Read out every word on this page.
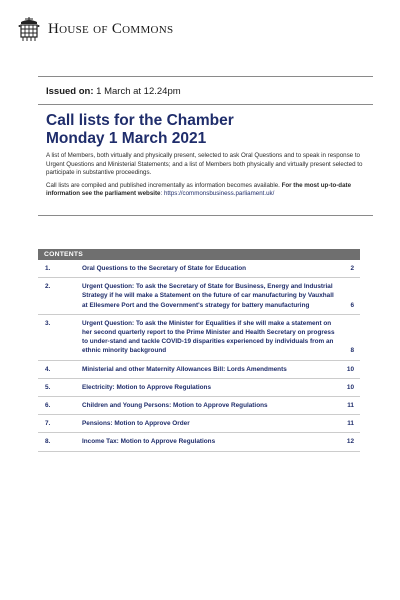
House of Commons
Issued on: 1 March at 12.24pm
Call lists for the Chamber
Monday 1 March 2021

A list of Members, both virtually and physically present, selected to ask Oral Questions and to speak in response to Urgent Questions and Ministerial Statements; and a list of Members both physically and virtually present selected to participate in substantive proceedings.

Call lists are compiled and published incrementally as information becomes available. For the most up-to-date information see the parliament website: https://commonsbusiness.parliament.uk/

CONTENTS
1.	Oral Questions to the Secretary of State for Education	2
2.	Urgent Question: To ask the Secretary of State for Business, Energy and Industrial Strategy if he will make a Statement on the future of car manufacturing by Vauxhall at Ellesmere Port and the Government's strategy for battery manufacturing	6
3.	Urgent Question: To ask the Minister for Equalities if she will make a statement on her second quarterly report to the Prime Minister and Health Secretary on progress to under-stand and tackle COVID-19 disparities experienced by individuals from an ethnic minority background	8
4.	Ministerial and other Maternity Allowances Bill: Lords Amendments	10
5.	Electricity: Motion to Approve Regulations	10
6.	Children and Young Persons: Motion to Approve Regulations	11
7.	Pensions: Motion to Approve Order	11
8.	Income Tax: Motion to Approve Regulations	12
